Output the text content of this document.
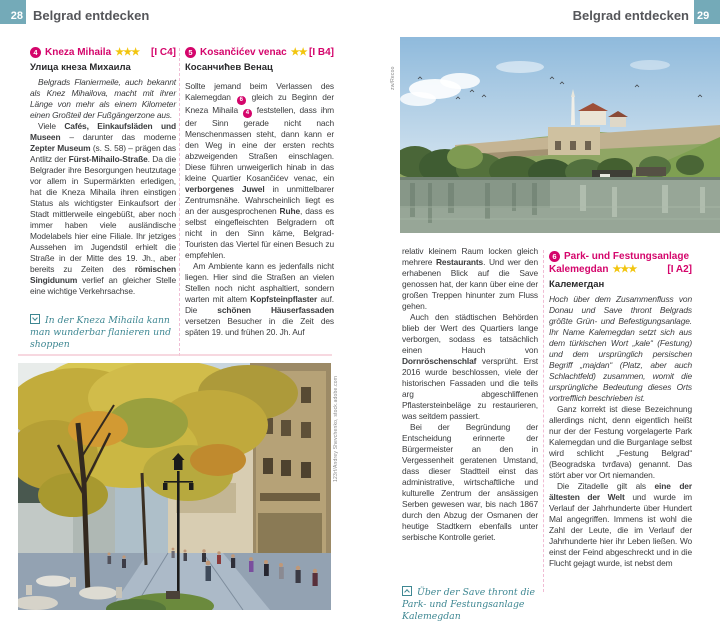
28 Belgrad entdecken	Belgrad entdecken 29
4 Kneza Mihaila ★★★ [I C4]
Улица кнеза Михаила

Belgrads Flaniermeile, auch bekannt als Knez Mihailova, macht mit ihrer Länge von mehr als einem Kilometer einen Großteil der Fußgängerzone aus.

Viele Cafés, Einkaufsläden und Museen – darunter das moderne Zepter Museum (s. S. 58) – prägen das Antlitz der Fürst-Mihailo-Straße. Da die Belgrader ihre Besorgungen heutzutage vor allem in Supermärkten erledigen, hat die Kneza Mihaila ihren einstigen Status als wichtigster Einkaufsort der Stadt mittlerweile eingebüßt, aber noch immer haben viele ausländische Modelabels hier eine Filiale. Ihr jetziges Aussehen im Jugendstil erhielt die Straße in der Mitte des 19. Jh., aber bereits zu Zeiten des römischen Singidunum verlief an gleicher Stelle eine wichtige Verkehrsachse.

In der Kneza Mihaila kann man wunderbar flanieren und shoppen
5 Kosančićev venac ★★ [I B4]
Косанчићев Венац

Sollte jemand beim Verlassen des Kalemegdan 6 gleich zu Beginn der Kneza Mihaila 4 feststellen, dass ihm der Sinn gerade nicht nach Menschenmassen steht, dann kann er den Weg in eine der ersten rechts abzweigenden Straßen einschlagen. Diese führen unweigerlich hinab in das kleine Quartier Kosančićev venac, ein verborgenes Juwel in unmittelbarer Zentrumsnähe. Wahrscheinlich liegt es an der ausgesprochenen Ruhe, dass es selbst eingefleischten Belgradern oft nicht in den Sinn käme, Belgrad-Touristen das Viertel für einen Besuch zu empfehlen.

Am Ambiente kann es jedenfalls nicht liegen. Hier sind die Straßen an vielen Stellen noch nicht asphaltiert, sondern warten mit altem Kopfsteinpflaster auf. Die schönen Häuserfassaden versetzen Besucher in die Zeit des späten 19. und frühen 20. Jh. Auf

relativ kleinem Raum locken gleich mehrere Restaurants. Und wer den erhabenen Blick auf die Save genossen hat, der kann über eine der großen Treppen hinunter zum Fluss gehen.

Auch den städtischen Behörden blieb der Wert des Quartiers lange verborgen, sodass es tatsächlich einen Hauch von Dornröschenschlaf versprüht. Erst 2016 wurde beschlossen, viele der historischen Fassaden und die teils arg abgeschliffenen Pflastersteinbeläge zu restaurieren, was seitdem passiert.

Bei der Begründung der Entscheidung erinnerte der Bürgermeister an den in Vergessenheit geratenen Umstand, dass dieser Stadtteil einst das administrative, wirtschaftliche und kulturelle Zentrum der ansässigen Serben gewesen war, bis nach 1867 durch den Abzug der Osmanen der heutige Stadtkern ebenfalls unter serbische Kontrolle geriet.

Über der Save thront die Park- und Festungsanlage Kalemegdan
6 Park- und Festungsanlage
Kalemegdan ★★★	[I A2]
Калемегдан

Hoch über dem Zusammenfluss von Donau und Save thront Belgrads größte Grün- und Befestigungsanlage. Ihr Name Kalemegdan setzt sich aus dem türkischen Wort „kale“ (Festung) und dem ursprünglich persischen Begriff „majdan“ (Platz, aber auch Schlachtfeld) zusammen, womit die ursprüngliche Bedeutung dieses Orts vortrefflich beschrieben ist.

Ganz korrekt ist diese Bezeichnung allerdings nicht, denn eigentlich heißt nur der der Festung vorgelagerte Park Kalemegdan und die Burganlage selbst wird schlicht „Festung Belgrad“ (Beogradska tvrđava) genannt. Das stört aber vor Ort niemanden.

Die Zitadelle gilt als eine der ältesten der Welt und wurde im Verlauf der Jahrhunderte über Hundert Mal angegriffen. Immens ist wohl die Zahl der Leute, die im Verlauf der Jahrhunderte hier ihr Leben ließen. Wo einst der Feind abgeschreckt und in die Flucht gejagt wurde, ist nebst dem

123rf/Andrey Shevchenko, stock.adobe.com
zw/Recoo
